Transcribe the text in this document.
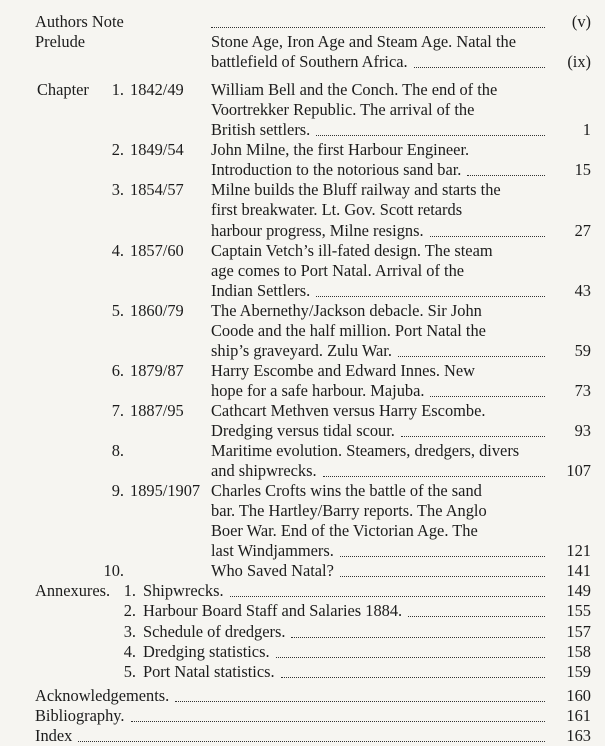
Authors Note	(v)
Prelude	Stone Age, Iron Age and Steam Age. Natal the
battlefield of Southern Africa.	(ix)
Chapter	1. 1842/49 William Bell and the Conch. The end of the
Voortrekker Republic. The arrival of the
British settlers.	1
2. 1849/54 John Milne, the first Harbour Engineer.
Introduction to the notorious sand bar.	15
3. 1854/57 Milne builds the Bluff railway and starts the
first breakwater. Lt. Gov. Scott retards
harbour progress, Milne resigns.	27
4. 1857/60 Captain Vetch’s ill-fated design. The steam
age comes to Port Natal. Arrival of the
Indian Settlers.	43
5. 1860/79 The Abernethy/Jackson debacle. Sir John
Coode and the half million. Port Natal the
ship’s graveyard. Zulu War.	59
6. 1879/87 Harry Escombe and Edward Innes. New
hope for a safe harbour. Majuba.	73
7. 1887/95 Cathcart Methven versus Harry Escombe.
Dredging versus tidal scour.	93
8.	Maritime evolution. Steamers, dredgers, divers
and shipwrecks.	107
9. 1895/1907 Charles Crofts wins the battle of the sand
bar. The Hartley/Barry reports. The Anglo
Boer War. End of the Victorian Age. The
last Windjammers.	121
10.	Who Saved Natal?	141
Annexures. 1. Shipwrecks.	149
2. Harbour Board Staff and Salaries 1884.	155
3. Schedule of dredgers.	157
4. Dredging statistics.	158
5. Port Natal statistics.	159
Acknowledgements.	160
Bibliography.	161
Index	163
